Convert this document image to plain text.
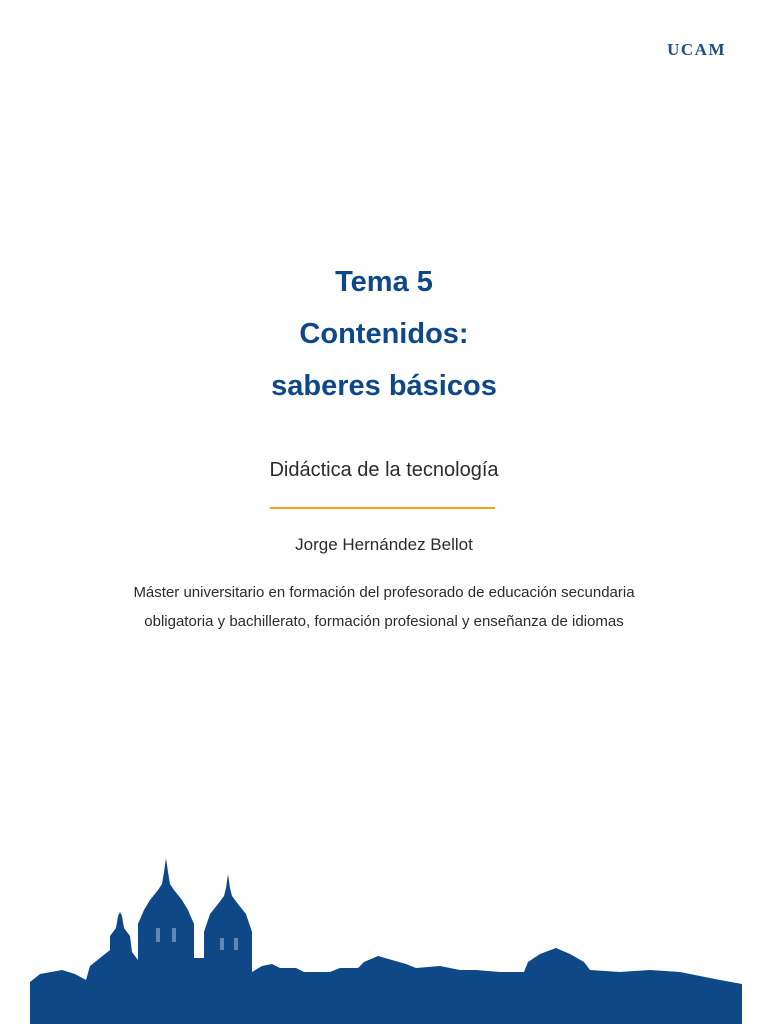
UCAM
Tema 5
Contenidos:
saberes básicos
Didáctica de la tecnología
Jorge Hernández Bellot
Máster universitario en formación del profesorado de educación secundaria
obligatoria y bachillerato, formación profesional y enseñanza de idiomas
